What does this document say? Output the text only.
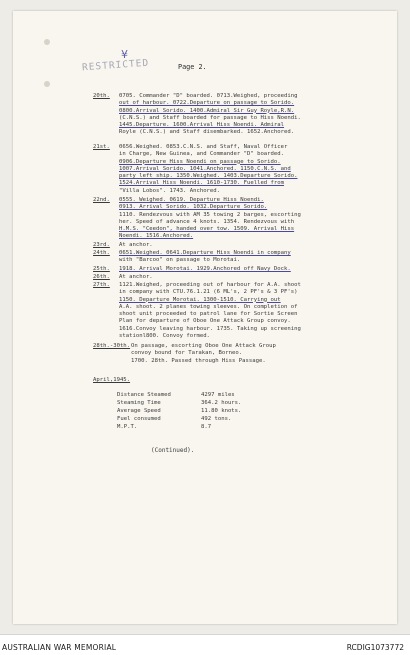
¥
RESTRICTED	Page 2.
20th. 0705. Commander "D" boarded. 0713.Weighed, proceeding
out of harbour. 0722.Departure on passage to Sorido.
0800.Arrival Sorido. 1400.Admiral Sir Guy Royle,R.N.
(C.N.S.) and Staff boarded for passage to Hiss Noendi.
1445.Departure. 1600.Arrival Hiss Noendi. Admiral
Royle (C.N.S.) and Staff disembarked. 1652.Anchored.
21st. 0656.Weighed. 0853.C.N.S. and Staff, Naval Officer
in Charge, New Guinea, and Commander "D" boarded.
0906.Departure Hiss Noendi on passage to Sorido.
1007.Arrival Sorido. 1041.Anchored. 1150.C.N.S. and
party left ship. 1350.Weighed. 1403.Departure Sorido.
1524.Arrival Hiss Noendi. 1610-1730. Fuelled from
"Villa Lobos". 1743. Anchored.
22nd. 0555. Weighed. 0619. Departure Hiss Noendi.
0913. Arrival Sorido. 1032.Departure Sorido.
1110. Rendezvous with AM 35 towing 2 barges, escorting
her. Speed of advance 4 knots. 1354. Rendezvous with
H.M.S. "Ceedon", handed over tow. 1509. Arrival Hiss
Noendi. 1516.Anchored.
23rd. At anchor.
24th. 0651.Weighed. 0641.Departure Hiss Noendi in company
with "Barcoo" on passage to Morotai.
25th. 1918. Arrival Morotai. 1929.Anchored off Navy Dock.
26th. At anchor.
27th. 1121.Weighed, proceeding out of harbour for A.A. shoot
in company with CTU.76.1.21 (6 ML's, 2 PF's & 3 PF's)
1150. Departure Morotai. 1300-1510. Carrying out
A.A. shoot. 2 planes towing sleeves. On completion of
shoot unit proceeded to patrol lane for Sortie Screen
Plan for departure of Oboe One Attack Group convoy.
1616.Convoy leaving harbour. 1735. Taking up screening
stationl800. Convoy formed.
28th.-30th. On passage, escorting Oboe One Attack Group
convoy bound for Tarakan, Borneo.
1700. 28th. Passed through Hiss Passage.
April,1945.
Distance Steamed	4297 miles
Steaming Time	364.2 hours.
Average Speed	11.80 knots.
Fuel consumed	492 tons.
M.P.T.	8.7
(Continued).
AUSTRALIAN WAR MEMORIAL	RCDIG1073772
